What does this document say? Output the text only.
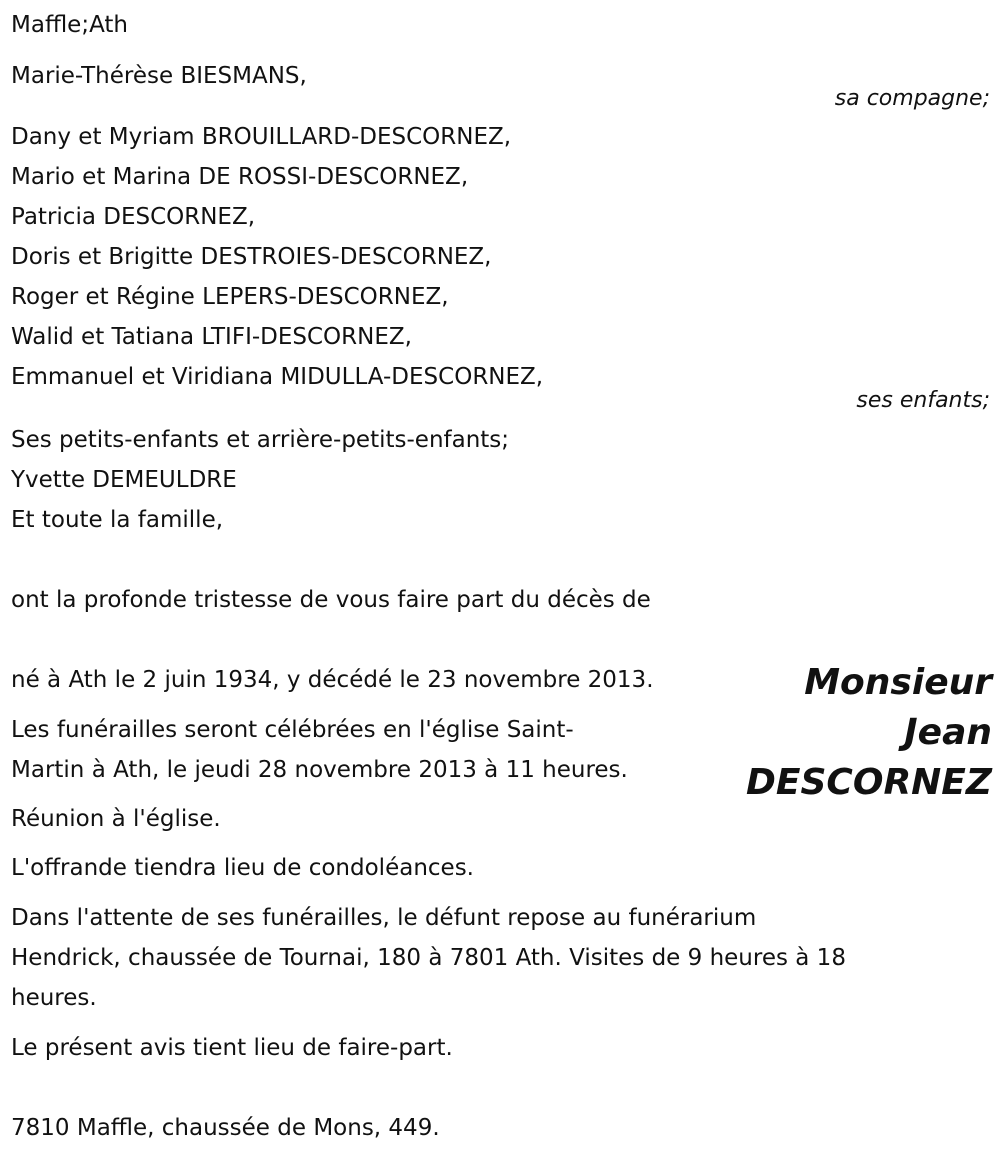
Maffle;Ath
Marie-Thérèse BIESMANS,
sa compagne;
Dany et Myriam BROUILLARD-DESCORNEZ,
Mario et Marina DE ROSSI-DESCORNEZ,
Patricia DESCORNEZ,
Doris et Brigitte DESTROIES-DESCORNEZ,
Roger et Régine LEPERS-DESCORNEZ,
Walid et Tatiana LTIFI-DESCORNEZ,
Emmanuel et Viridiana MIDULLA-DESCORNEZ,
ses enfants;
Ses petits-enfants et arrière-petits-enfants;
Yvette DEMEULDRE
Et toute la famille,
ont la profonde tristesse de vous faire part du décès de
Monsieur
Jean
DESCORNEZ
né à Ath le 2 juin 1934, y décédé le 23 novembre 2013.
Les funérailles seront célébrées en l'église Saint-
Martin à Ath, le jeudi 28 novembre 2013 à 11 heures.
Réunion à l'église.
L'offrande tiendra lieu de condoléances.
Dans l'attente de ses funérailles, le défunt repose au funérarium
Hendrick, chaussée de Tournai, 180 à 7801 Ath. Visites de 9 heures à 18
heures.
Le présent avis tient lieu de faire-part.
7810 Maffle, chaussée de Mons, 449.
